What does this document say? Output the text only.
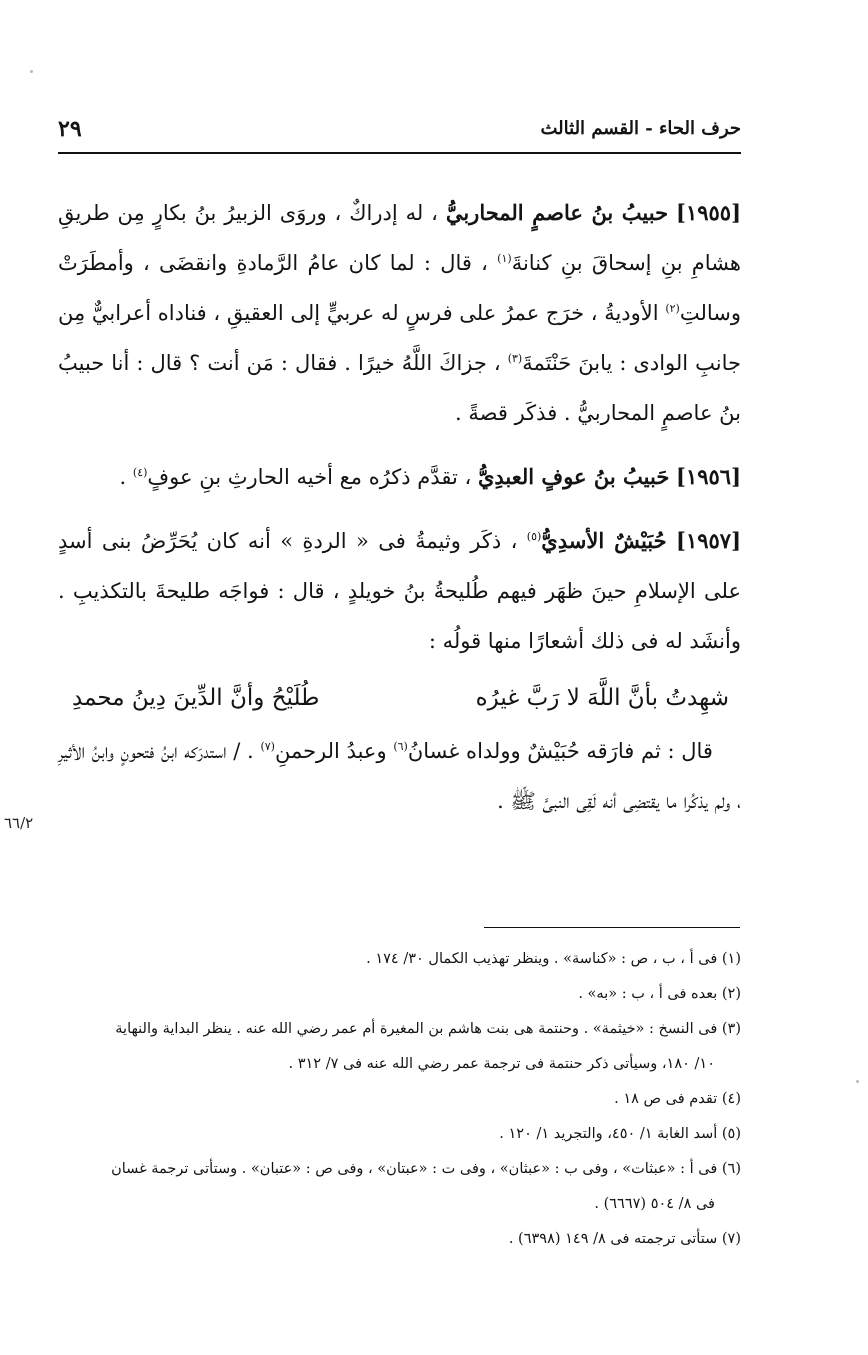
٢٩	حرف الحاء - القسم الثالث

[١٩٥٥] حبيبُ بنُ عاصمٍ المحاربيُّ ، له إدراكٌ ، وروَى الزبيرُ بنُ بكارٍ مِن طريقِ هشامِ بنِ إسحاقَ بنِ كنانةَ$^{(١)}$ ، قال : لما كان عامُ الرَّمادةِ وانقضَى ، وأمطَرَتْ وسالتِ$^{(٢)}$ الأوديةُ ، خرَج عمرُ على فرسٍ له عربيٍّ إلى العقيقِ ، فناداه أعرابيٌّ مِن جانبِ الوادى : يابنَ حَنْتَمةَ$^{(٣)}$ ، جزاكَ اللَّهُ خيرًا . فقال : مَن أنت ؟ قال : أنا حبيبُ بنُ عاصمٍ المحاربيُّ . فذكَر قصةً .

[١٩٥٦] حَبيبُ بنُ عوفٍ العبدِيُّ ، تقدَّم ذكرُه مع أخيه الحارثِ بنِ عوفٍ$^{(٤)}$ .

[١٩٥٧] حُبَيْشٌ الأسدِيُّ$^{(٥)}$ ، ذكَر وثيمةُ فى « الردةِ » أنه كان يُحَرِّضُ بنى أسدٍ على الإسلامِ حينَ ظهَر فيهم طُليحةُ بنُ خويلدٍ ، قال : فواجَه طليحةَ بالتكذيبِ . وأنشَد له فى ذلك أشعارًا منها قولُه :

شهِدتُ بأنَّ اللَّهَ لا رَبَّ غيرُه
طُلَيْحُ وأنَّ الدِّينَ دِينُ محمدِ

قال : ثم فارَقه حُبَيْشٌ وولداه غسانُ$^{(٦)}$ وعبدُ الرحمنِ$^{(٧)}$ . / استدرَكه ابنُ فتحونٍ وابنُ الأثيرِ ، ولم يذكُرا ما يقتضِى أنه لَقِى النبىَّ ﷺ .

٦٦/٢

(١) فى أ ، ب ، ص : «كناسة» . وينظر تهذيب الكمال ٣٠/ ١٧٤ .

(٢) بعده فى أ ، ب : «به» .

(٣) فى النسخ : «خيثمة» . وحنتمة هى بنت هاشم بن المغيرة أم عمر رضي الله عنه . ينظر البداية والنهاية

١٠/ ١٨٠، وسيأتى ذكر حنتمة فى ترجمة عمر رضي الله عنه فى ٧/ ٣١٢ .

(٤) تقدم فى ص ١٨ .

(٥) أسد الغابة ١/ ٤٥٠، والتجريد ١/ ١٢٠ .

(٦) فى أ : «عبثات» ، وفى ب : «عبثان» ، وفى ت : «عبتان» ، وفى ص : «عتبان» . وستأتى ترجمة غسان

فى ٨/ ٥٠٤ (٦٦٦٧) .

(٧) ستأتى ترجمته فى ٨/ ١٤٩ (٦٣٩٨) .
